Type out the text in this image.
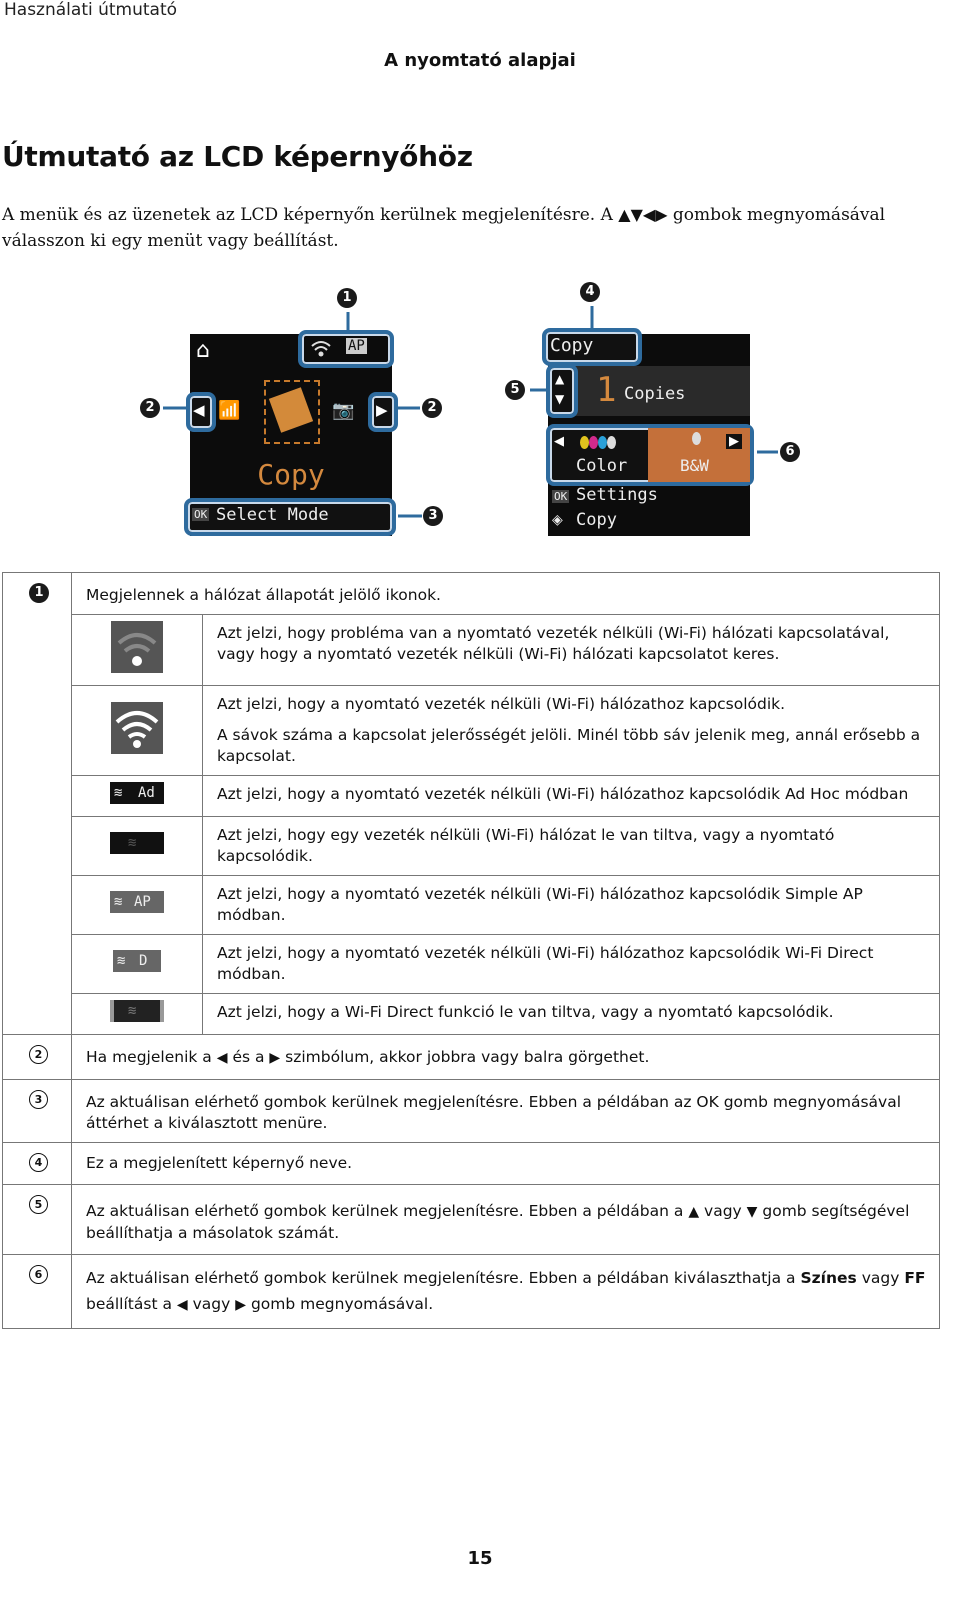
Használati útmutató
A nyomtató alapjai
Útmutató az LCD képernyőhöz
A menük és az üzenetek az LCD képernyőn kerülnek megjelenítésre. A ▲▼◀▶ gombok megnyomásával válasszon ki egy menüt vagy beállítást.
1
2	2
3
4
5
6
⌂	AP
◀ 📶	📷 ▶
Copy
OK Select Mode
Copy
▲
▼ 1 Copies
◀
Color	B&W
▶
OK Settings
◈ Copy
1	Megjelennek a hálózat állapotát jelölő ikonok.	
	Azt jelzi, hogy probléma van a nyomtató vezeték nélküli (Wi-Fi) hálózati kapcsolatával, vagy hogy a nyomtató vezeték nélküli (Wi-Fi) hálózati kapcsolatot keres.

Azt jelzi, hogy a nyomtató vezeték nélküli (Wi-Fi) hálózathoz kapcsolódik.
A sávok száma a kapcsolat jelerősségét jelöli. Minél több sáv jelenik meg, annál erősebb a kapcsolat.

	≋ Ad	Azt jelzi, hogy a nyomtató vezeték nélküli (Wi-Fi) hálózathoz kapcsolódik Ad Hoc módban

	≋	Azt jelzi, hogy egy vezeték nélküli (Wi-Fi) hálózat le van tiltva, vagy a nyomtató kapcsolódik.

	≋ AP	Azt jelzi, hogy a nyomtató vezeték nélküli (Wi-Fi) hálózathoz kapcsolódik Simple AP módban.

	≋ D	Azt jelzi, hogy a nyomtató vezeték nélküli (Wi-Fi) hálózathoz kapcsolódik Wi-Fi Direct módban.

	≋	Azt jelzi, hogy a Wi-Fi Direct funkció le van tiltva, vagy a nyomtató kapcsolódik.

2	Ha megjelenik a ◀ és a ▶ szimbólum, akkor jobbra vagy balra görgethet.	

3	Az aktuálisan elérhető gombok kerülnek megjelenítésre. Ebben a példában az OK gomb megnyomásával áttérhet a kiválasztott menüre.	

4	Ez a megjelenített képernyő neve.	

5	Az aktuálisan elérhető gombok kerülnek megjelenítésre. Ebben a példában a ▲ vagy ▼ gomb segítségével beállíthatja a másolatok számát.	

6	Az aktuálisan elérhető gombok kerülnek megjelenítésre. Ebben a példában kiválaszthatja a Színes vagy FF
beállítást a ◀ vagy ▶ gomb megnyomásával.	
15
